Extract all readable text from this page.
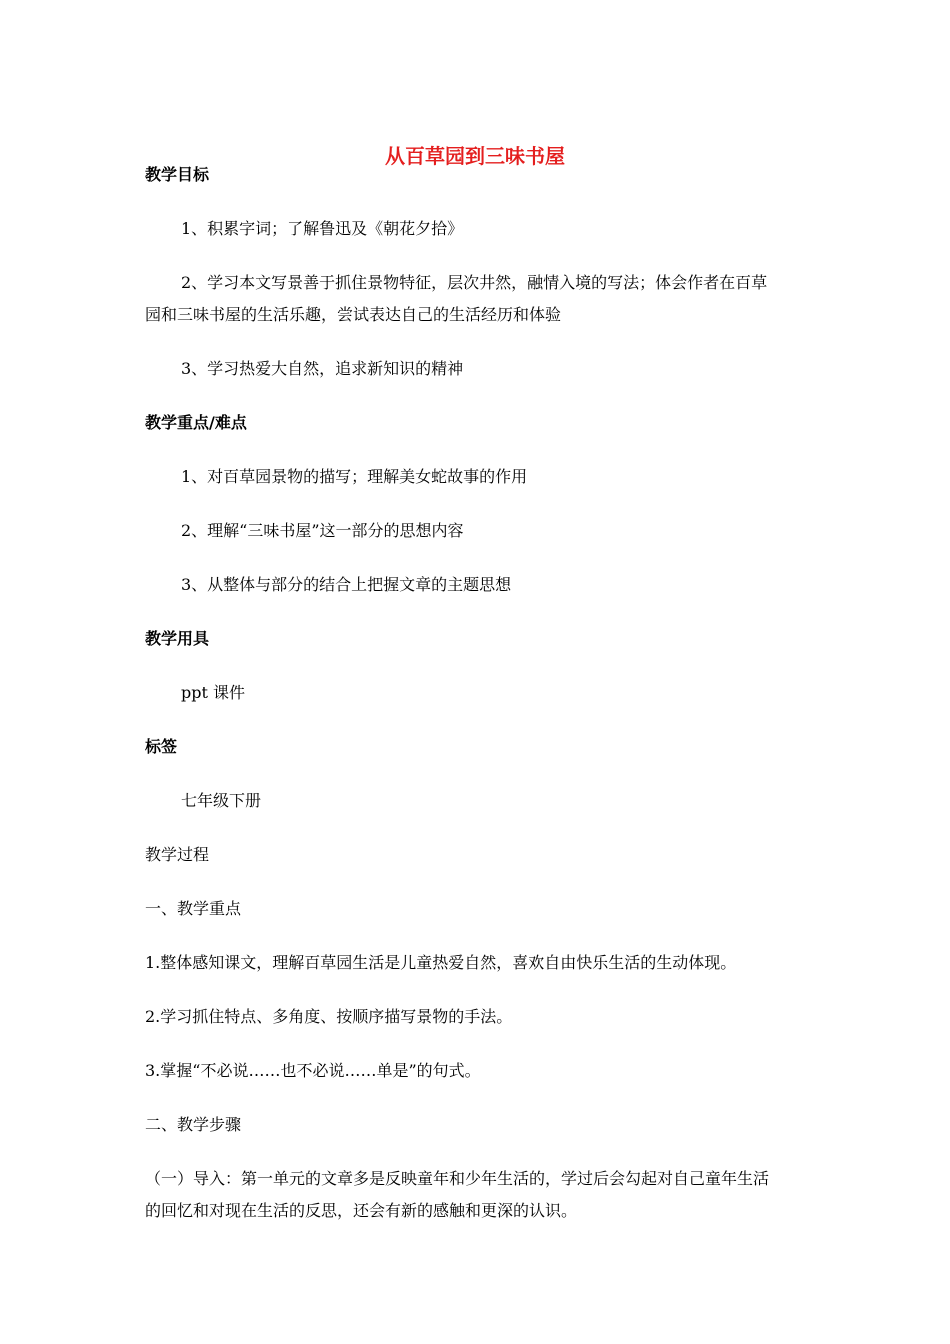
从百草园到三味书屋
教学目标
1、积累字词；了解鲁迅及《朝花夕拾》
2、学习本文写景善于抓住景物特征，层次井然，融情入境的写法；体会作者在百草
园和三味书屋的生活乐趣，尝试表达自己的生活经历和体验
3、学习热爱大自然，追求新知识的精神
教学重点/难点
1、对百草园景物的描写；理解美女蛇故事的作用
2、理解“三味书屋”这一部分的思想内容
3、从整体与部分的结合上把握文章的主题思想
教学用具
ppt 课件
标签
七年级下册
教学过程
一、教学重点
1.整体感知课文，理解百草园生活是儿童热爱自然，喜欢自由快乐生活的生动体现。
2.学习抓住特点、多角度、按顺序描写景物的手法。
3.掌握“不必说……也不必说……单是”的句式。
二、教学步骤
（一）导入：第一单元的文章多是反映童年和少年生活的，学过后会勾起对自己童年生活
的回忆和对现在生活的反思，还会有新的感触和更深的认识。
